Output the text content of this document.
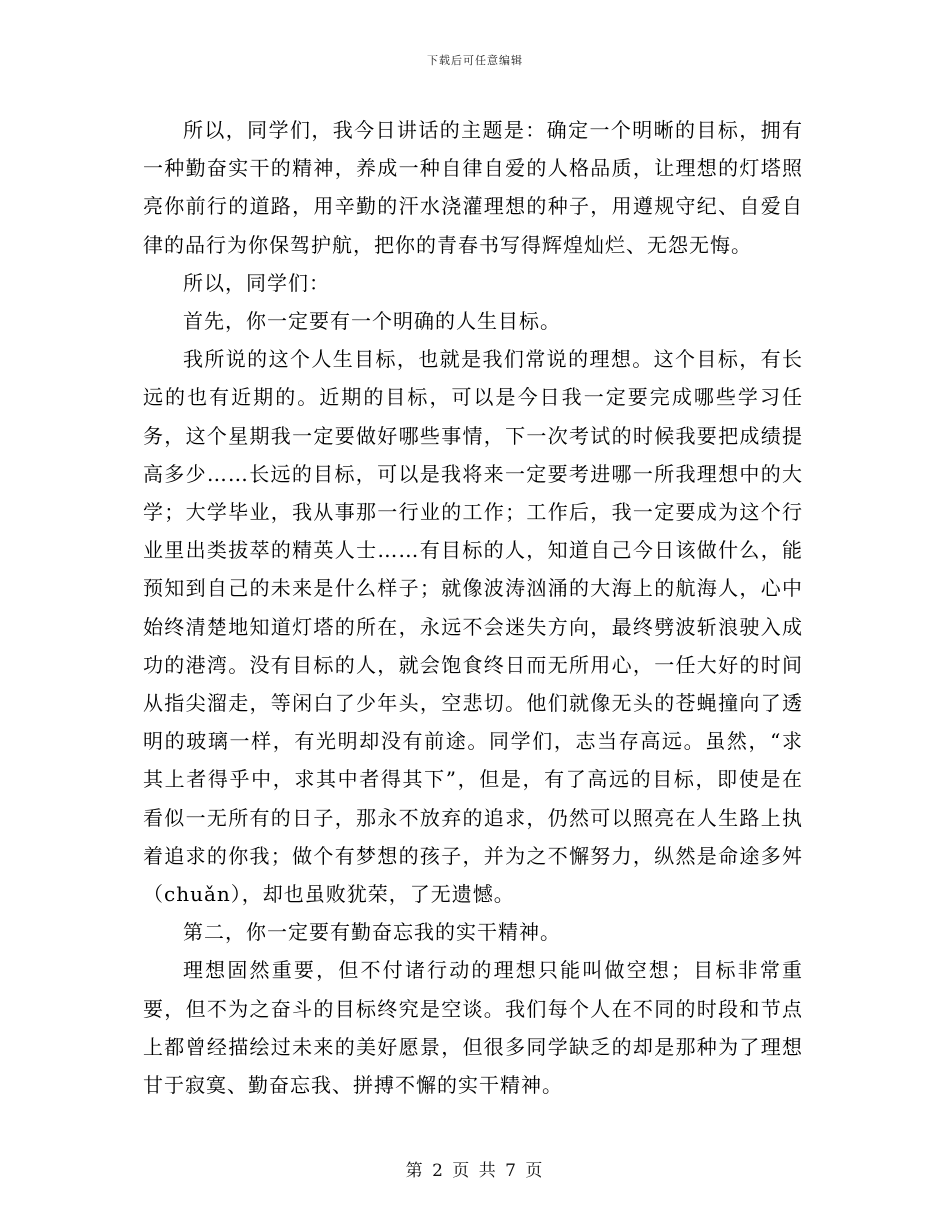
下载后可任意编辑

所以，同学们，我今日讲话的主题是：确定一个明晰的目标，拥有一种勤奋实干的精神，养成一种自律自爱的人格品质，让理想的灯塔照亮你前行的道路，用辛勤的汗水浇灌理想的种子，用遵规守纪、自爱自律的品行为你保驾护航，把你的青春书写得辉煌灿烂、无怨无悔。

所以，同学们：

首先，你一定要有一个明确的人生目标。

我所说的这个人生目标，也就是我们常说的理想。这个目标，有长远的也有近期的。近期的目标，可以是今日我一定要完成哪些学习任务，这个星期我一定要做好哪些事情，下一次考试的时候我要把成绩提高多少……长远的目标，可以是我将来一定要考进哪一所我理想中的大学；大学毕业，我从事那一行业的工作；工作后，我一定要成为这个行业里出类拔萃的精英人士……有目标的人，知道自己今日该做什么，能预知到自己的未来是什么样子；就像波涛汹涌的大海上的航海人，心中始终清楚地知道灯塔的所在，永远不会迷失方向，最终劈波斩浪驶入成功的港湾。没有目标的人，就会饱食终日而无所用心，一任大好的时间从指尖溜走，等闲白了少年头，空悲切。他们就像无头的苍蝇撞向了透明的玻璃一样，有光明却没有前途。同学们，志当存高远。虽然，“求其上者得乎中，求其中者得其下”，但是，有了高远的目标，即使是在看似一无所有的日子，那永不放弃的追求，仍然可以照亮在人生路上执着追求的你我；做个有梦想的孩子，并为之不懈努力，纵然是命途多舛（chuǎn），却也虽败犹荣，了无遗憾。

第二，你一定要有勤奋忘我的实干精神。

理想固然重要，但不付诸行动的理想只能叫做空想；目标非常重要，但不为之奋斗的目标终究是空谈。我们每个人在不同的时段和节点上都曾经描绘过未来的美好愿景，但很多同学缺乏的却是那种为了理想甘于寂寞、勤奋忘我、拼搏不懈的实干精神。

第 2 页 共 7 页
